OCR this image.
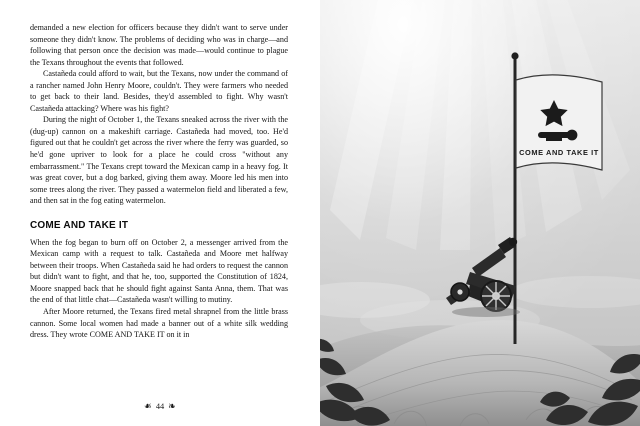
demanded a new election for officers because they didn't want to serve under someone they didn't know. The problems of deciding who was in charge—and following that person once the decision was made—would continue to plague the Texans throughout the events that followed.

Castañeda could afford to wait, but the Texans, now under the command of a rancher named John Henry Moore, couldn't. They were farmers who needed to get back to their land. Besides, they'd assembled to fight. Why wasn't Castañeda attacking? Where was his fight?

During the night of October 1, the Texans sneaked across the river with the (dug-up) cannon on a makeshift carriage. Castañeda had moved, too. He'd figured out that he couldn't get across the river where the ferry was guarded, so he'd gone upriver to look for a place he could cross "without any embarrassment." The Texans crept toward the Mexican camp in a heavy fog. It was great cover, but a dog barked, giving them away. Moore led his men into some trees along the river. They passed a watermelon field and liberated a few, and then sat in the fog eating watermelon.

COME AND TAKE IT

When the fog began to burn off on October 2, a messenger arrived from the Mexican camp with a request to talk. Castañeda and Moore met halfway between their troops. When Castañeda said he had orders to request the cannon but didn't want to fight, and that he, too, supported the Constitution of 1824, Moore snapped back that he should fight against Santa Anna, them. That was the end of that little chat—Castañeda wasn't willing to mutiny.

After Moore returned, the Texans fired metal shrapnel from the little brass cannon. Some local women had made a banner out of a white silk wedding dress. They wrote COME AND TAKE IT on it in

❧ 44 ❧
COME AND TAKE IT
